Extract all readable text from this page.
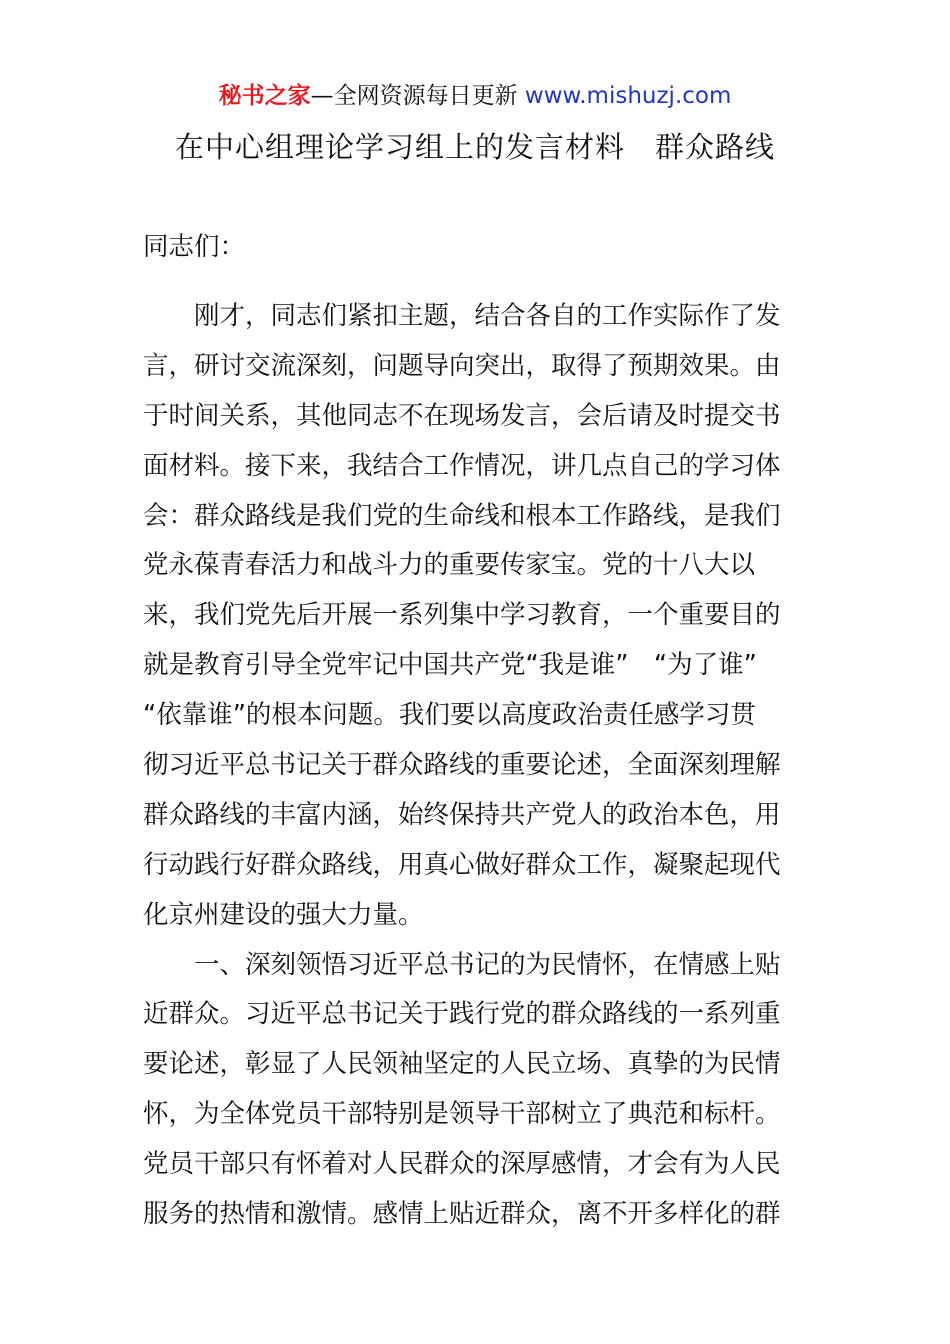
秘书之家—全网资源每日更新 www.mishuzj.com
在中心组理论学习组上的发言材料　群众路线
同志们：
刚才，同志们紧扣主题，结合各自的工作实际作了发
言，研讨交流深刻，问题导向突出，取得了预期效果。由
于时间关系，其他同志不在现场发言，会后请及时提交书
面材料。接下来，我结合工作情况，讲几点自己的学习体
会：群众路线是我们党的生命线和根本工作路线，是我们
党永葆青春活力和战斗力的重要传家宝。党的十八大以
来，我们党先后开展一系列集中学习教育，一个重要目的
就是教育引导全党牢记中国共产党“我是谁”　“为了谁”
“依靠谁”的根本问题。我们要以高度政治责任感学习贯
彻习近平总书记关于群众路线的重要论述，全面深刻理解
群众路线的丰富内涵，始终保持共产党人的政治本色，用
行动践行好群众路线，用真心做好群众工作，凝聚起现代
化京州建设的强大力量。
一、深刻领悟习近平总书记的为民情怀，在情感上贴
近群众。习近平总书记关于践行党的群众路线的一系列重
要论述，彰显了人民领袖坚定的人民立场、真挚的为民情
怀，为全体党员干部特别是领导干部树立了典范和标杆。
党员干部只有怀着对人民群众的深厚感情，才会有为人民
服务的热情和激情。感情上贴近群众，离不开多样化的群
